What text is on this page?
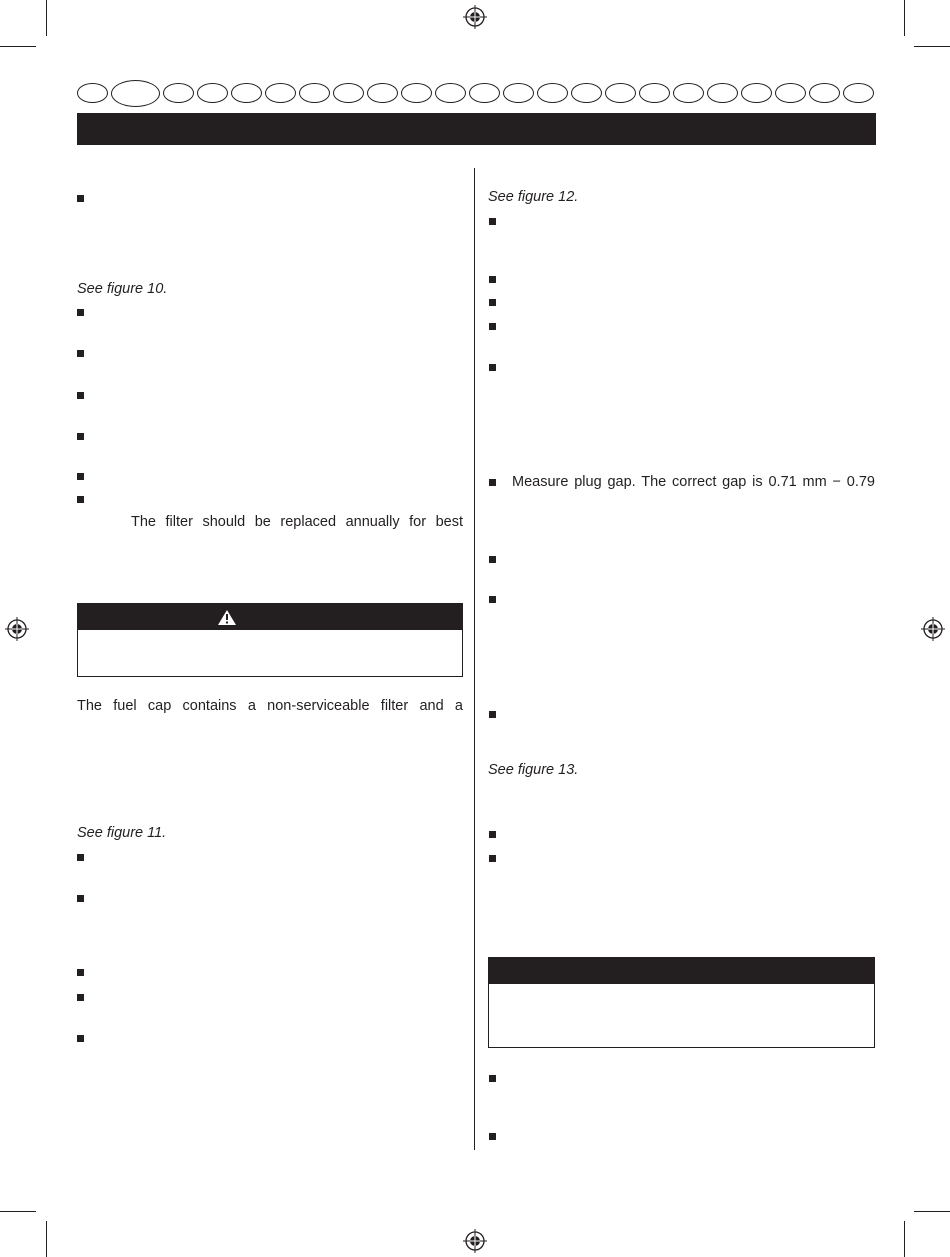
See figure 10.
The filter should be replaced annually for best
The fuel cap contains a non-serviceable filter and a
See figure 11.
See figure 12.
Measure plug gap. The correct gap is 0.71 mm − 0.79
See figure 13.
